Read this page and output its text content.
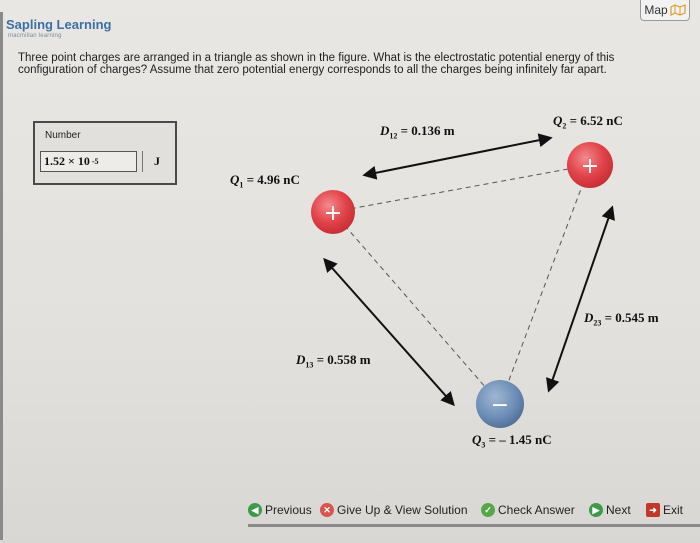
Map
Sapling Learning
macmillan learning
Three point charges are arranged in a triangle as shown in the figure. What is the electrostatic potential energy of this configuration of charges? Assume that zero potential energy corresponds to all the charges being infinitely far apart.
Number
1.52 × 10 -5	J
+
+
−
$Q_1 = 4.96$ nC
$Q_2 = 6.52$ nC
$Q_3$ = – 1.45 nC
$D_{12} = 0.136$ m
$D_{13} = 0.558$ m
$D_{23} = 0.545$ m
◀ Previous	✕ Give Up & View Solution	✓ Check Answer	▶ Next	➜ Exit
